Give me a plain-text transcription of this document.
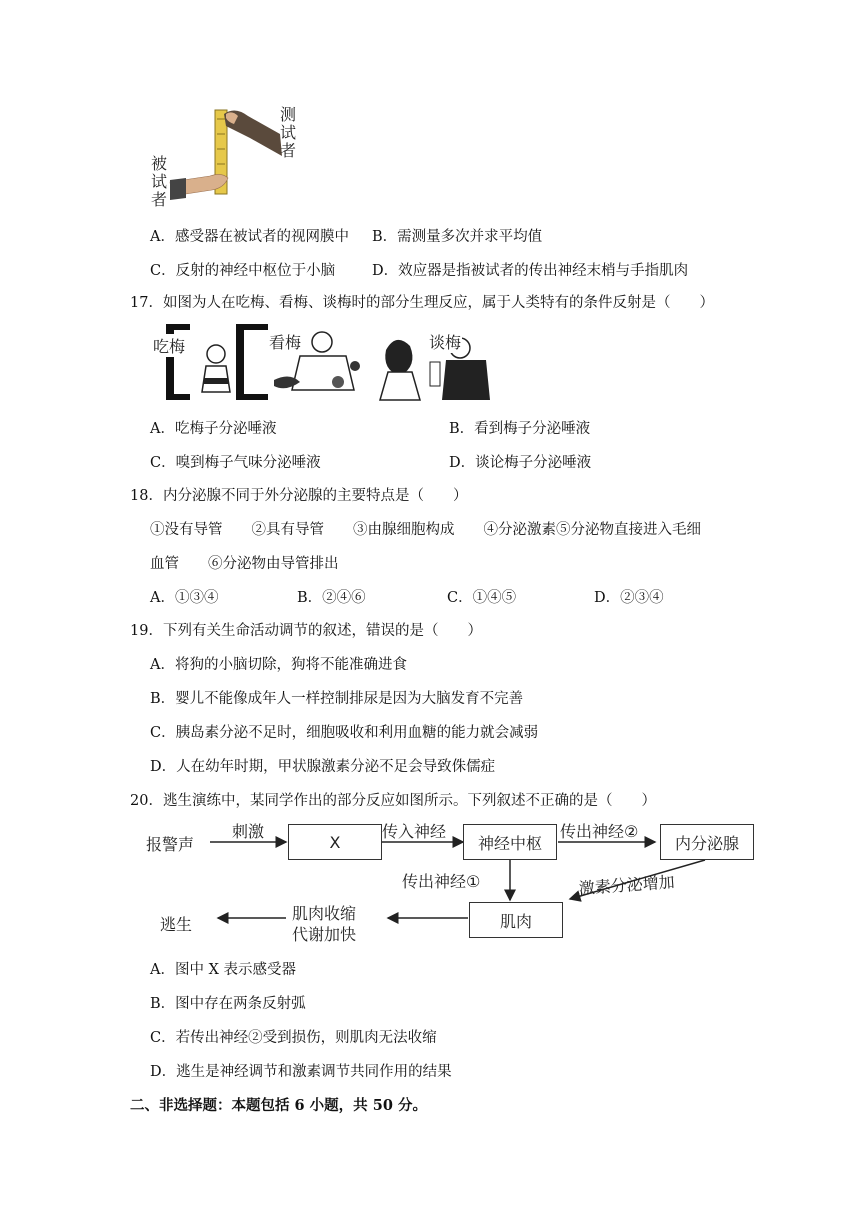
测
试
者
被
试
者
A．感受器在被试者的视网膜中 B．需测量多次并求平均值
C．反射的神经中枢位于小脑	D．效应器是指被试者的传出神经末梢与手指肌肉
17．如图为人在吃梅、看梅、谈梅时的部分生理反应，属于人类特有的条件反射是（　　）
吃梅	看梅	谈梅
A．吃梅子分泌唾液	B．看到梅子分泌唾液
C．嗅到梅子气味分泌唾液	D．谈论梅子分泌唾液
18．内分泌腺不同于外分泌腺的主要特点是（　　）
①没有导管　　②具有导管　　③由腺细胞构成　　④分泌激素⑤分泌物直接进入毛细
血管　　⑥分泌物由导管排出
A．①③④	B．②④⑥	C．①④⑤	D．②③④
19．下列有关生命活动调节的叙述，错误的是（　　）
A．将狗的小脑切除，狗将不能准确进食
B．婴儿不能像成年人一样控制排尿是因为大脑发育不完善
C．胰岛素分泌不足时，细胞吸收和利用血糖的能力就会减弱
D．人在幼年时期，甲状腺激素分泌不足会导致侏儒症
20．逃生演练中，某同学作出的部分反应如图所示。下列叙述不正确的是（　　）
报警声
刺激
X
传入神经
神经中枢
传出神经②
内分泌腺
传出神经①	激素分泌增加
肌肉
肌肉收缩
代谢加快
逃生
A．图中 X 表示感受器
B．图中存在两条反射弧
C．若传出神经②受到损伤，则肌肉无法收缩
D．逃生是神经调节和激素调节共同作用的结果
二、非选择题：本题包括 6 小题，共 50 分。
